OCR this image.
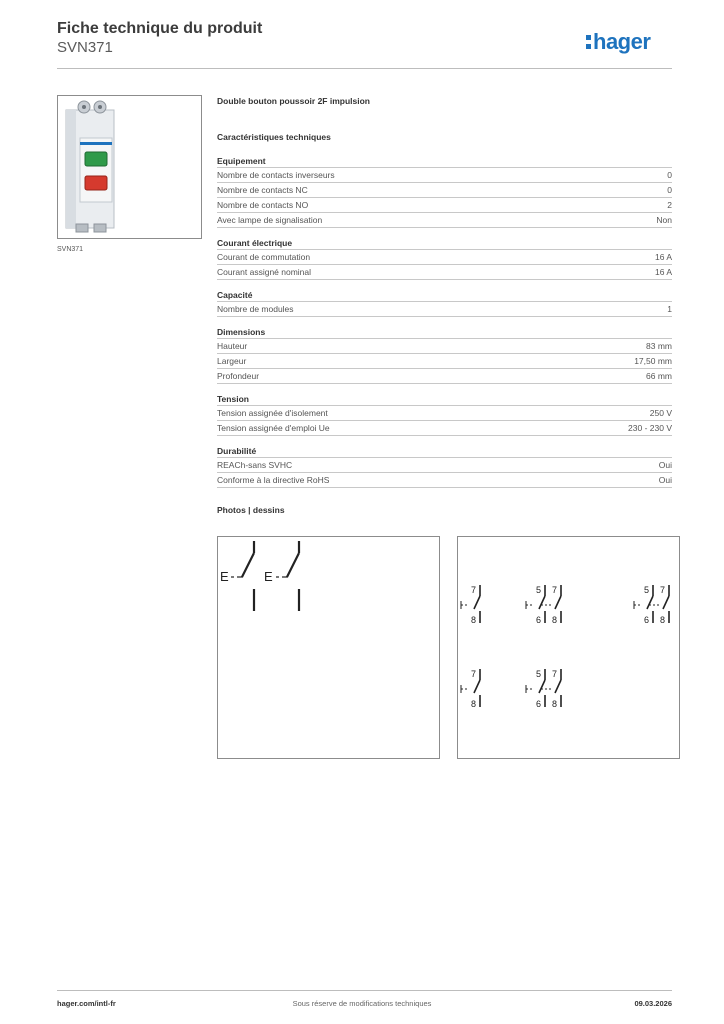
Fiche technique du produit
SVN371	hager
SVN371
Double bouton poussoir 2F impulsion
Caractéristiques techniques
Equipement
Nombre de contacts inverseurs	0
Nombre de contacts NC	0
Nombre de contacts NO	2
Avec lampe de signalisation	Non
Courant électrique
Courant de commutation	16 A
Courant assigné nominal	16 A
Capacité
Nombre de modules	1
Dimensions
Hauteur	83 mm
Largeur	17,50 mm
Profondeur	66 mm
Tension
Tension assignée d'isolement	250 V
Tension assignée d'emploi Ue	230 - 230 V
Durabilité
REACh-sans SVHC	Oui
Conforme à la directive RoHS	Oui
Photos | dessins
E	E
7
8
5
6
7
8
5
6
7
8
7
8
5
6
7
8
hager.com/intl-fr	Sous réserve de modifications techniques	09.03.2026
